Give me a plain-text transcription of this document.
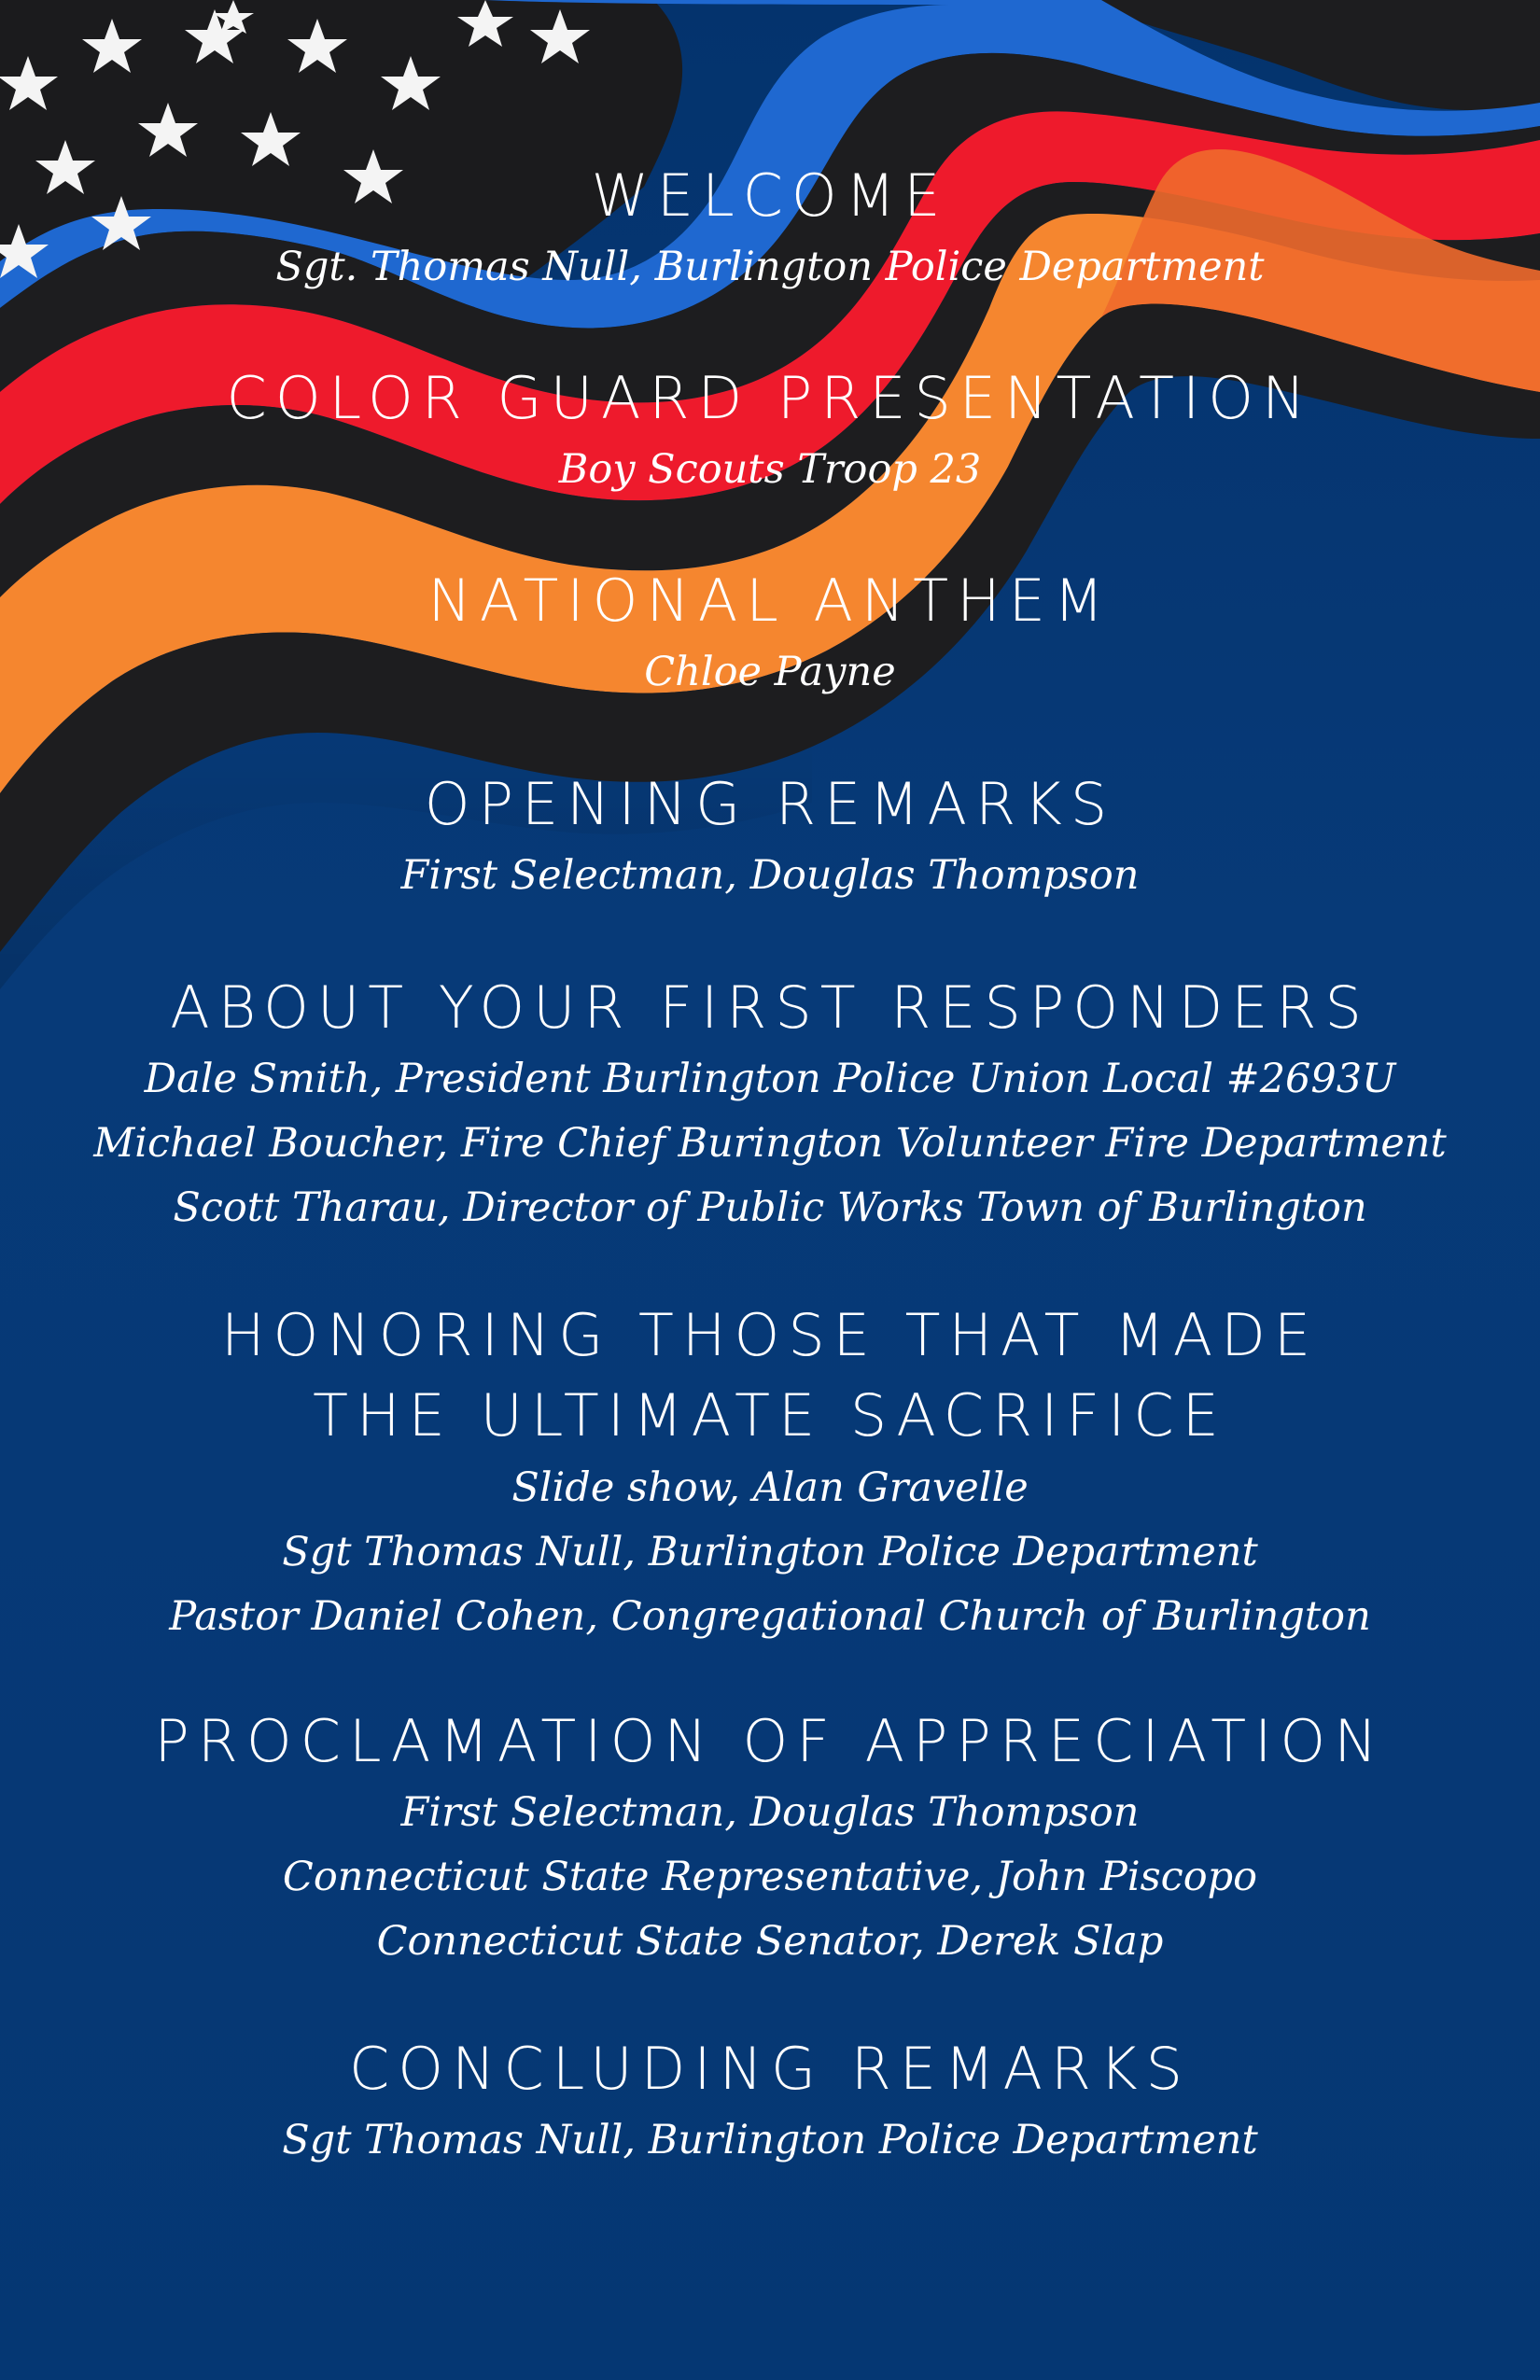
WELCOME
Sgt. Thomas Null, Burlington Police Department
COLOR GUARD PRESENTATION
Boy Scouts Troop 23
NATIONAL ANTHEM
Chloe Payne
OPENING REMARKS
First Selectman, Douglas Thompson
ABOUT YOUR FIRST RESPONDERS
Dale Smith, President Burlington Police Union Local #2693U
Michael Boucher, Fire Chief Burington Volunteer Fire Department
Scott Tharau, Director of Public Works Town of Burlington
HONORING THOSE THAT MADE
THE ULTIMATE SACRIFICE
Slide show, Alan Gravelle
Sgt Thomas Null, Burlington Police Department
Pastor Daniel Cohen, Congregational Church of Burlington
PROCLAMATION OF APPRECIATION
First Selectman, Douglas Thompson
Connecticut State Representative, John Piscopo
Connecticut State Senator, Derek Slap
CONCLUDING REMARKS
Sgt Thomas Null, Burlington Police Department
